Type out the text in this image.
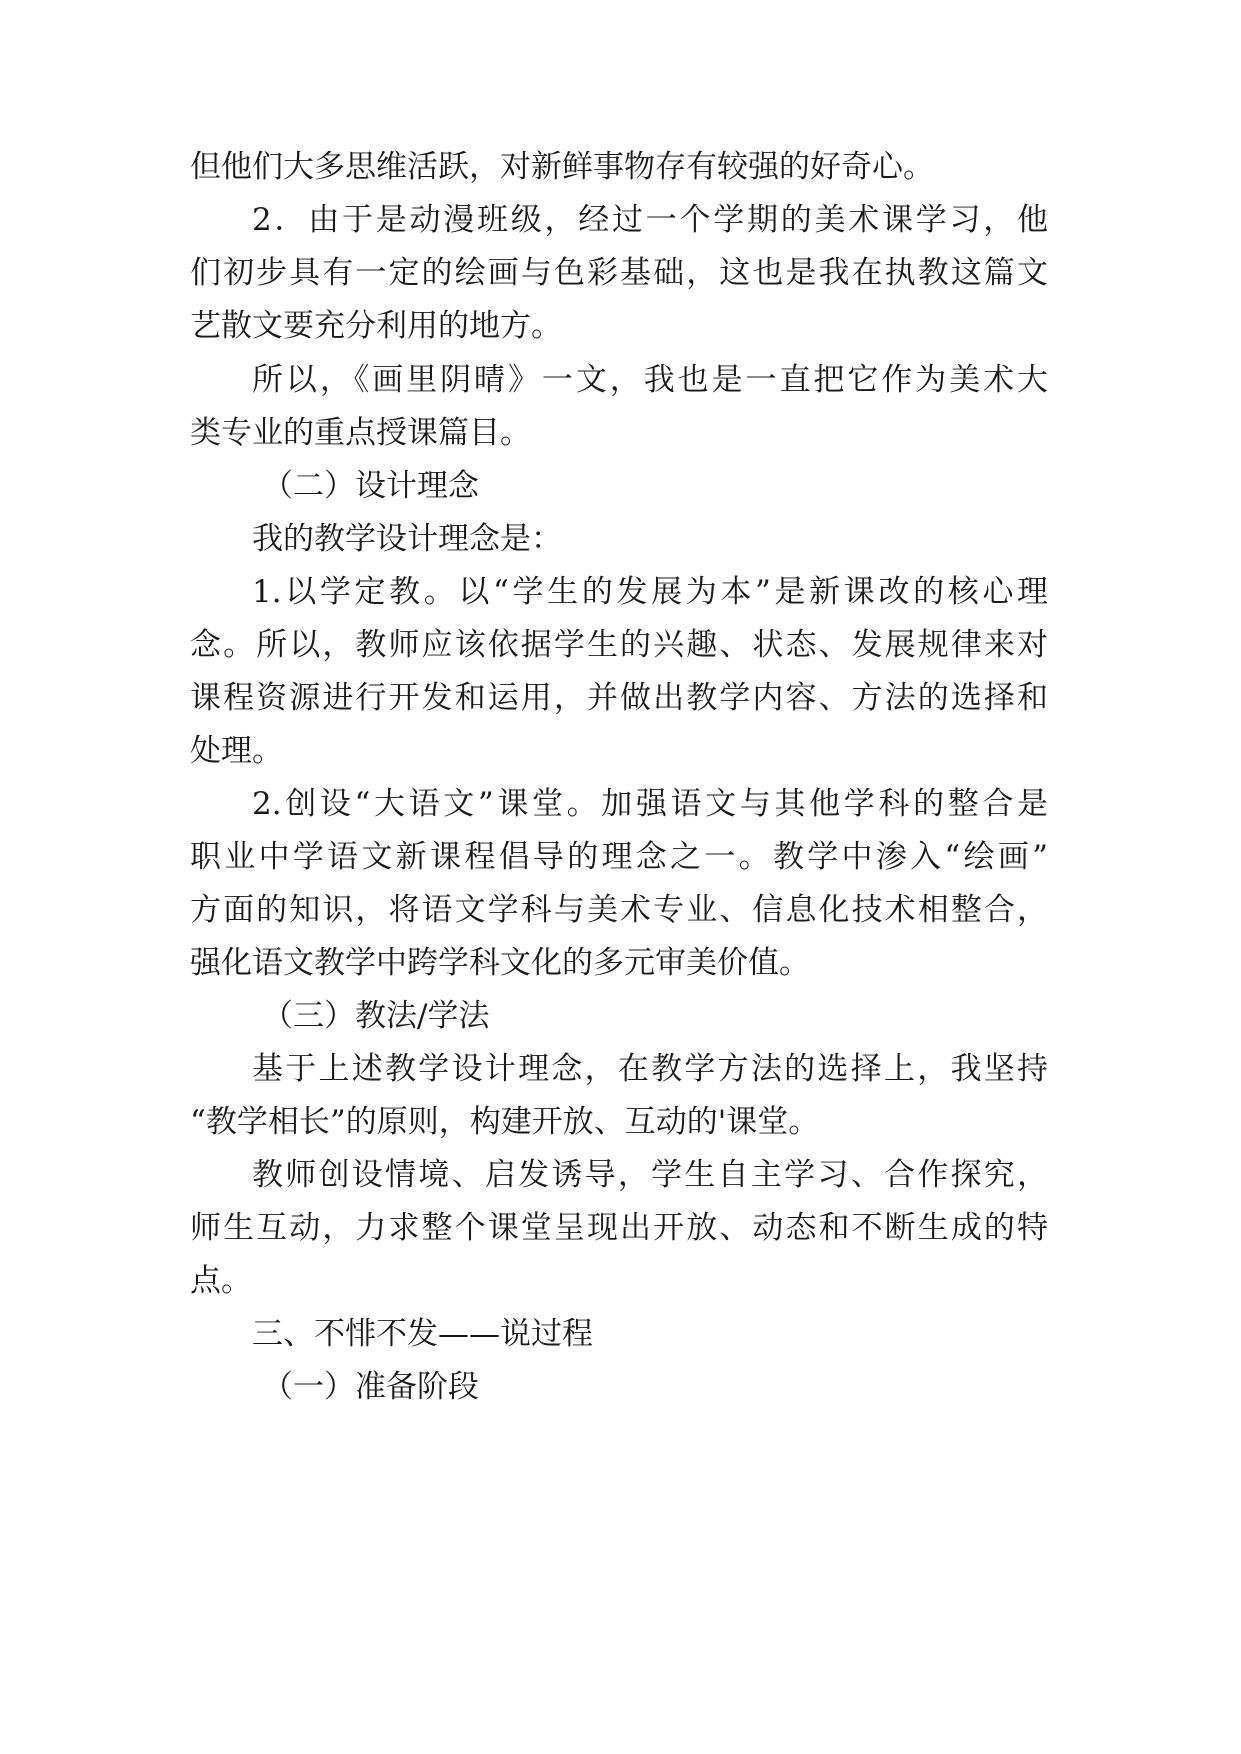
但他们大多思维活跃，对新鲜事物存有较强的好奇心。

2．由于是动漫班级，经过一个学期的美术课学习，他

们初步具有一定的绘画与色彩基础，这也是我在执教这篇文

艺散文要充分利用的地方。

所以，《画里阴晴》一文，我也是一直把它作为美术大

类专业的重点授课篇目。

（二）设计理念

我的教学设计理念是：

1.以学定教。以“学生的发展为本”是新课改的核心理

念。所以，教师应该依据学生的兴趣、状态、发展规律来对

课程资源进行开发和运用，并做出教学内容、方法的选择和

处理。

2.创设“大语文”课堂。加强语文与其他学科的整合是

职业中学语文新课程倡导的理念之一。教学中渗入“绘画”

方面的知识，将语文学科与美术专业、信息化技术相整合，

强化语文教学中跨学科文化的多元审美价值。

（三）教法/学法

基于上述教学设计理念，在教学方法的选择上，我坚持

“教学相长”的原则，构建开放、互动的'课堂。

教师创设情境、启发诱导，学生自主学习、合作探究，

师生互动，力求整个课堂呈现出开放、动态和不断生成的特

点。

三、不悱不发——说过程

（一）准备阶段
